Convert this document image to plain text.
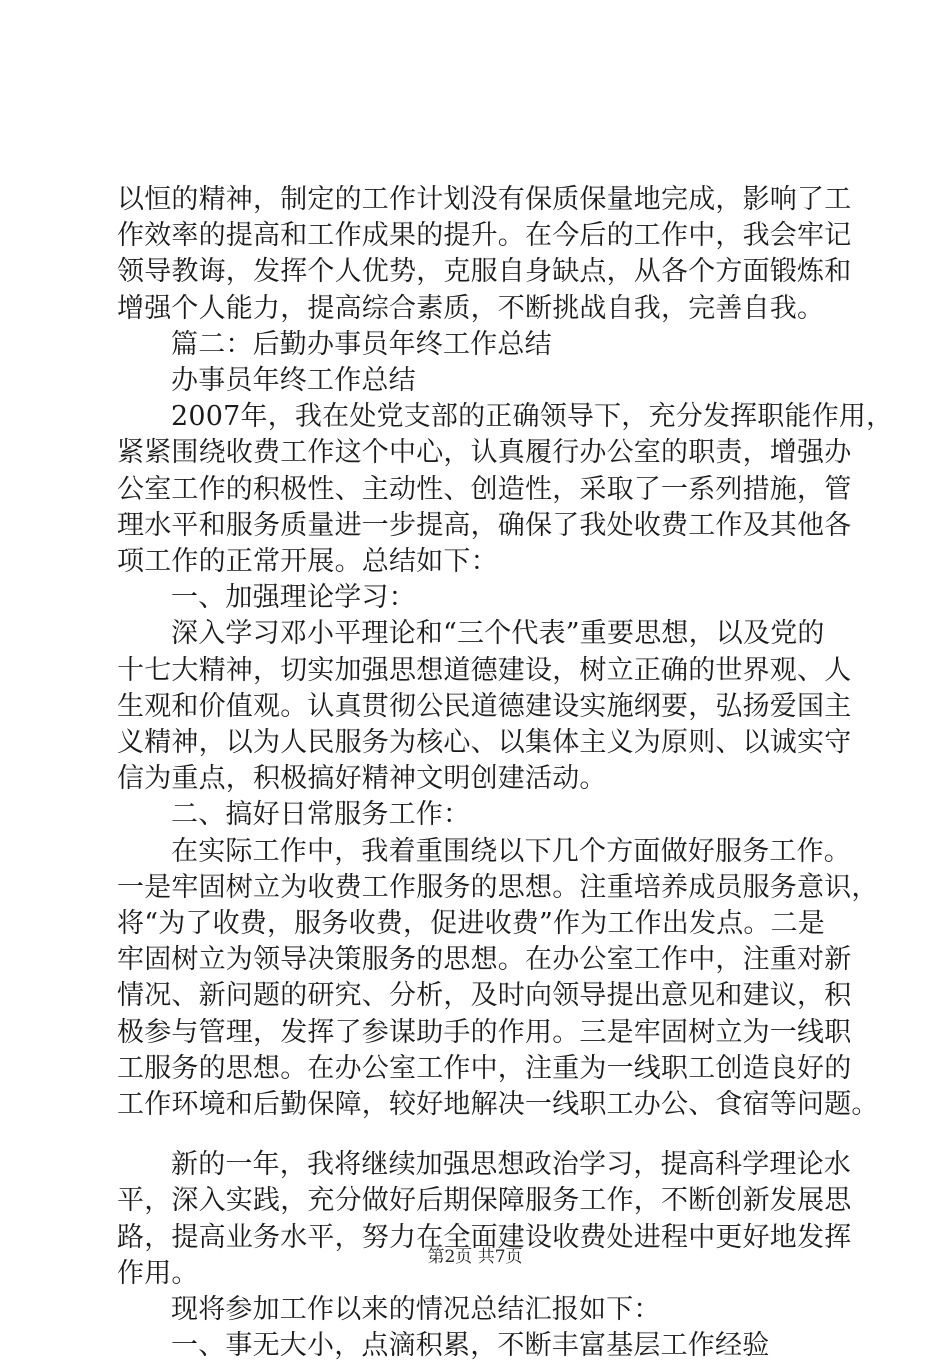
以恒的精神，制定的工作计划没有保质保量地完成，影响了工

作效率的提高和工作成果的提升。在今后的工作中，我会牢记

领导教诲，发挥个人优势，克服自身缺点，从各个方面锻炼和

增强个人能力，提高综合素质，不断挑战自我，完善自我。

篇二：后勤办事员年终工作总结

办事员年终工作总结

2007年，我在处党支部的正确领导下，充分发挥职能作用，

紧紧围绕收费工作这个中心，认真履行办公室的职责，增强办

公室工作的积极性、主动性、创造性，采取了一系列措施，管

理水平和服务质量进一步提高，确保了我处收费工作及其他各

项工作的正常开展。总结如下：

一、加强理论学习：

深入学习邓小平理论和“三个代表”重要思想，以及党的

十七大精神，切实加强思想道德建设，树立正确的世界观、人

生观和价值观。认真贯彻公民道德建设实施纲要，弘扬爱国主

义精神，以为人民服务为核心、以集体主义为原则、以诚实守

信为重点，积极搞好精神文明创建活动。

二、搞好日常服务工作：

在实际工作中，我着重围绕以下几个方面做好服务工作。

一是牢固树立为收费工作服务的思想。注重培养成员服务意识，

将“为了收费，服务收费，促进收费”作为工作出发点。二是

牢固树立为领导决策服务的思想。在办公室工作中，注重对新

情况、新问题的研究、分析，及时向领导提出意见和建议，积

极参与管理，发挥了参谋助手的作用。三是牢固树立为一线职

工服务的思想。在办公室工作中，注重为一线职工创造良好的

工作环境和后勤保障，较好地解决一线职工办公、食宿等问题。

新的一年，我将继续加强思想政治学习，提高科学理论水

平，深入实践，充分做好后期保障服务工作，不断创新发展思

路，提高业务水平，努力在全面建设收费处进程中更好地发挥

作用。

现将参加工作以来的情况总结汇报如下：

一、事无大小，点滴积累，不断丰富基层工作经验

第2页 共7页
